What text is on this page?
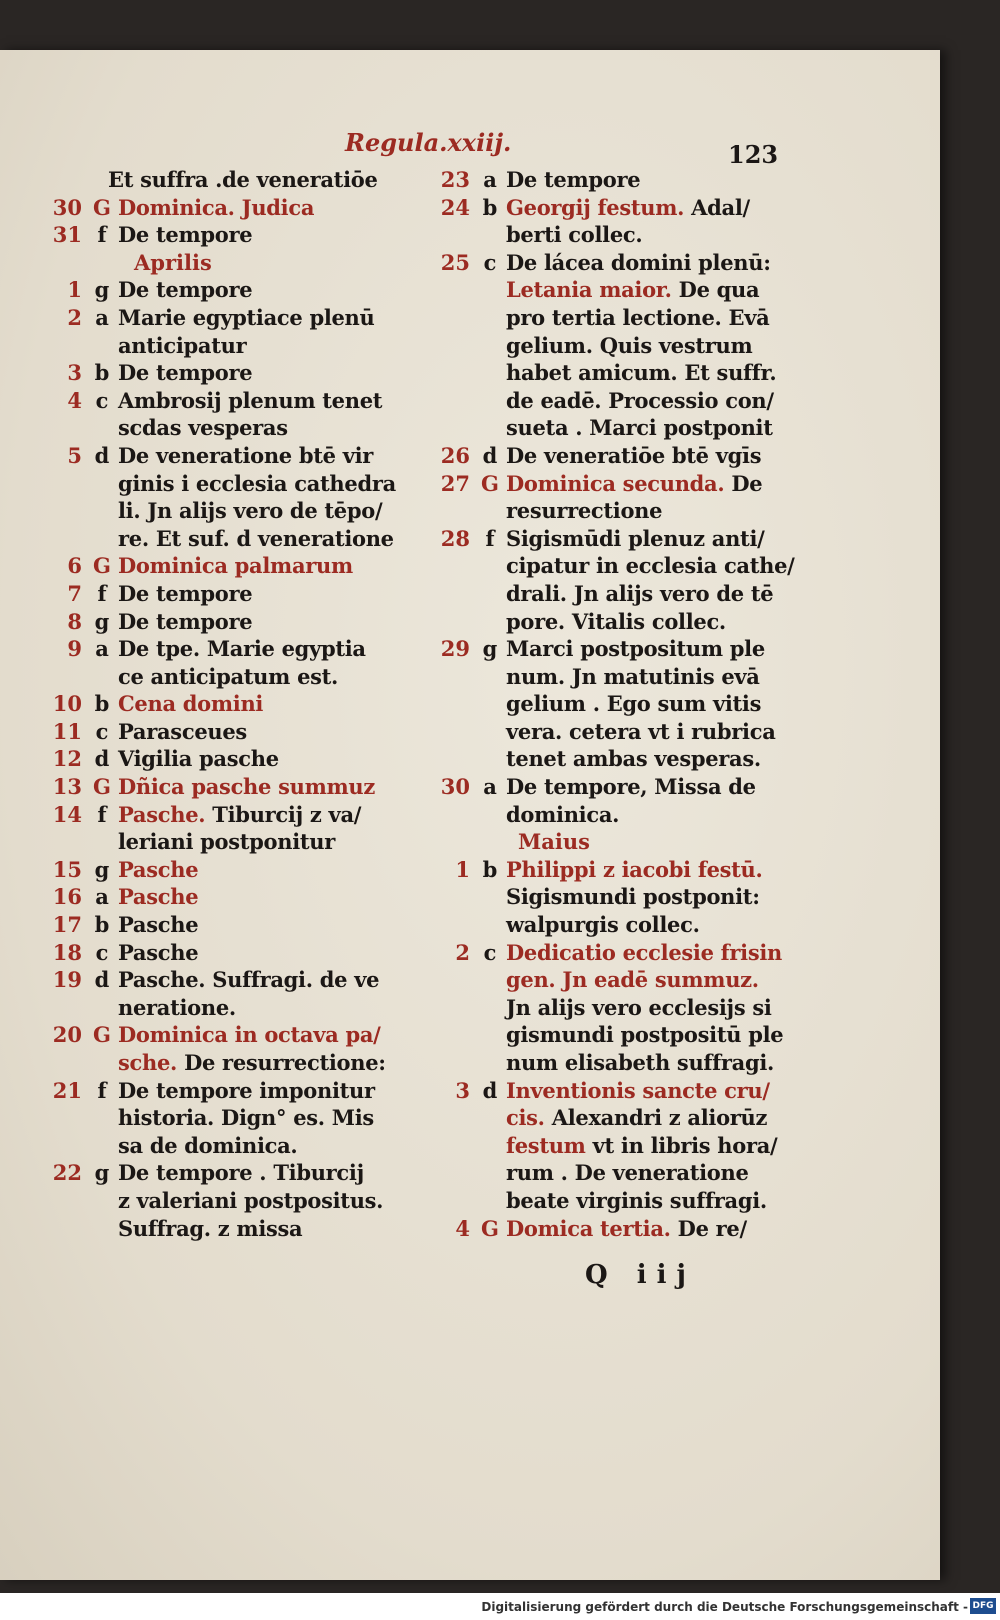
Regula.xxiij.	123
Et suffra .de veneratiōe
30 G Dominica. Judica
31 f De tempore
Aprilis
1 g De tempore
2 a Marie egyptiace plenū
anticipatur
3 b De tempore
4 c Ambrosij plenum tenet
scdas vesperas
5 d De veneratione btē vir
ginis i ecclesia cathedra
li. Jn alijs vero de tēpo/
re. Et suf. d veneratione
6 G Dominica palmarum
7 f De tempore
8 g De tempore
9 a De tpe. Marie egyptia
ce anticipatum est.
10 b Cena domini
11 c Parasceues
12 d Vigilia pasche
13 G Dñica pasche summuz
14 f Pasche. Tiburcij z va/
leriani postponitur
15 g Pasche
16 a Pasche
17 b Pasche
18 c Pasche
19 d Pasche. Suffragi. de ve
neratione.
20 G Dominica in octava pa/
sche. De resurrectione:
21 f De tempore imponitur
historia. Dign° es. Mis
sa de dominica.
22 g De tempore . Tiburcij
z valeriani postpositus.
Suffrag. z missa
23 a De tempore
24 b Georgij festum. Adal/
berti collec.
25 c De lácea domini plenū:
Letania maior. De qua
pro tertia lectione. Evā
gelium. Quis vestrum
habet amicum. Et suffr.
de eadē. Processio con/
sueta . Marci postponit
26 d De veneratiōe btē vgīs
27 G Dominica secunda. De
resurrectione
28 f Sigismūdi plenuz anti/
cipatur in ecclesia cathe/
drali. Jn alijs vero de tē
pore. Vitalis collec.
29 g Marci postpositum ple
num. Jn matutinis evā
gelium . Ego sum vitis
vera. cetera vt i rubrica
tenet ambas vesperas.
30 a De tempore, Missa de
dominica.
Maius
1 b Philippi z iacobi festū.
Sigismundi postponit:
walpurgis collec.
2 c Dedicatio ecclesie frisin
gen. Jn eadē summuz.
Jn alijs vero ecclesijs si
gismundi postpositū ple
num elisabeth suffragi.
3 d Inventionis sancte cru/
cis. Alexandri z aliorūz
festum vt in libris hora/
rum . De veneratione
beate virginis suffragi.
4 G Domica tertia. De re/
Q iij
Digitalisierung gefördert durch die Deutsche Forschungsgemeinschaft - DFG
